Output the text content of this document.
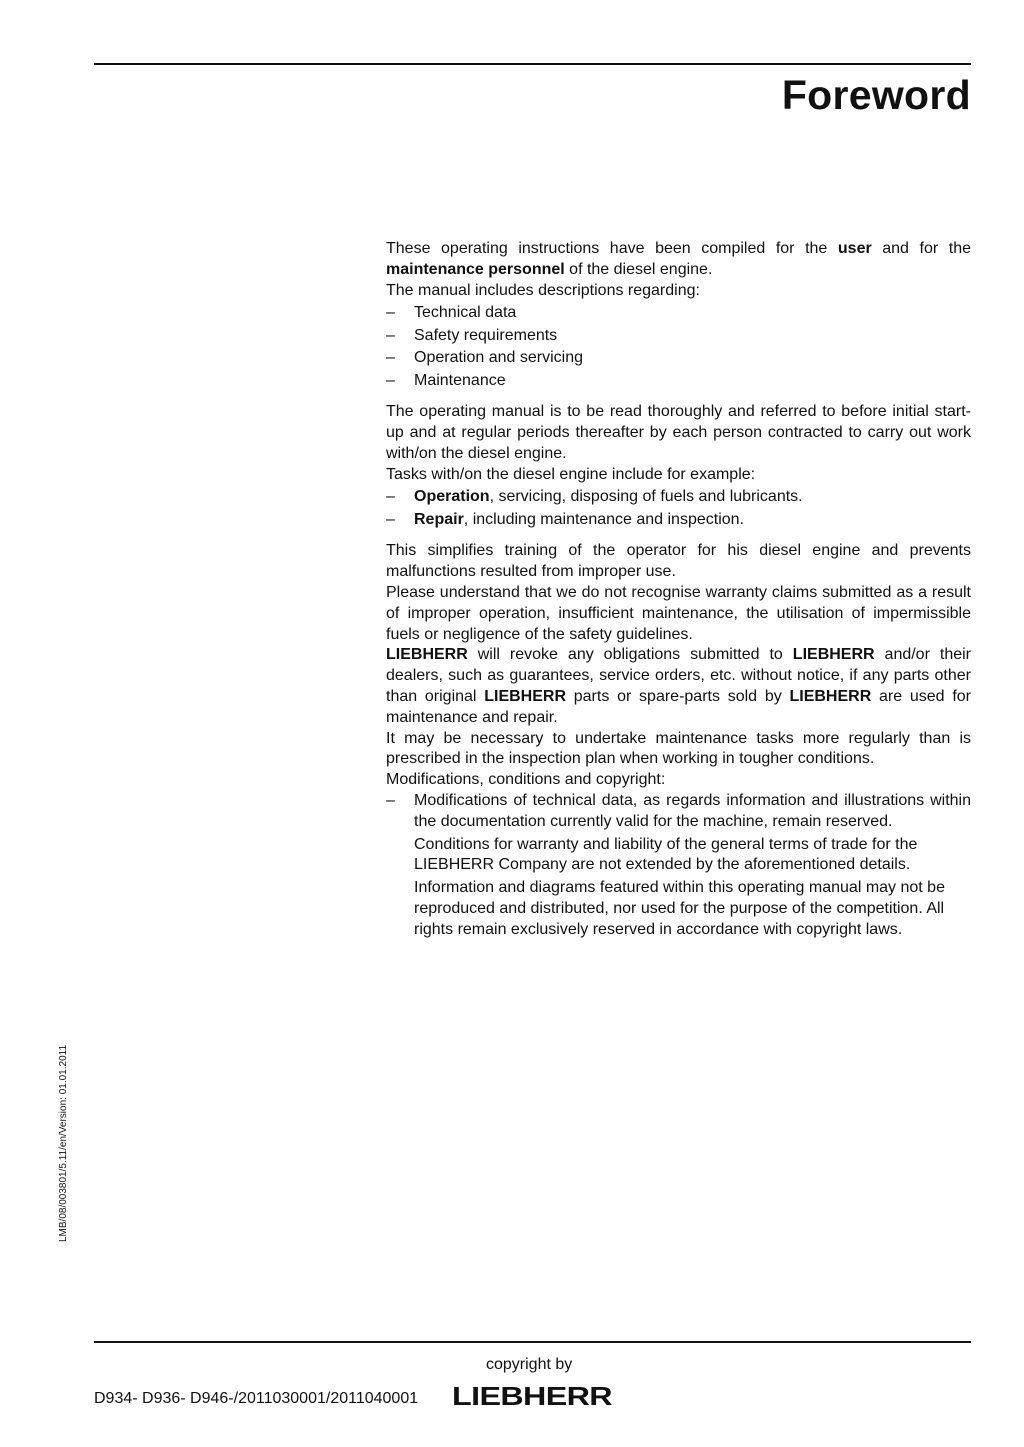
Foreword

These operating instructions have been compiled for the user and for the maintenance personnel of the diesel engine.

The manual includes descriptions regarding:

– Technical data
– Safety requirements
– Operation and servicing
– Maintenance

The operating manual is to be read thoroughly and referred to before initial start-up and at regular periods thereafter by each person contracted to carry out work with/on the diesel engine.

Tasks with/on the diesel engine include for example:

– Operation, servicing, disposing of fuels and lubricants.
– Repair, including maintenance and inspection.

This simplifies training of the operator for his diesel engine and prevents malfunctions resulted from improper use.

Please understand that we do not recognise warranty claims submitted as a result of improper operation, insufficient maintenance, the utilisation of impermissible fuels or negligence of the safety guidelines.

LIEBHERR will revoke any obligations submitted to LIEBHERR and/or their dealers, such as guarantees, service orders, etc. without notice, if any parts other than original LIEBHERR parts or spare-parts sold by LIEBHERR are used for maintenance and repair.

It may be necessary to undertake maintenance tasks more regularly than is prescribed in the inspection plan when working in tougher conditions.

Modifications, conditions and copyright:

– Modifications of technical data, as regards information and illustrations within the documentation currently valid for the machine, remain reserved.

Conditions for warranty and liability of the general terms of trade for the LIEBHERR Company are not extended by the aforementioned details.

Information and diagrams featured within this operating manual may not be reproduced and distributed, nor used for the purpose of the competition. All rights remain exclusively reserved in accordance with copyright laws.

LMB/08/003801/5.11/en/Version: 01.01.2011
copyright by
D934- D936- D946-/2011030001/2011040001 LIEBHERR
